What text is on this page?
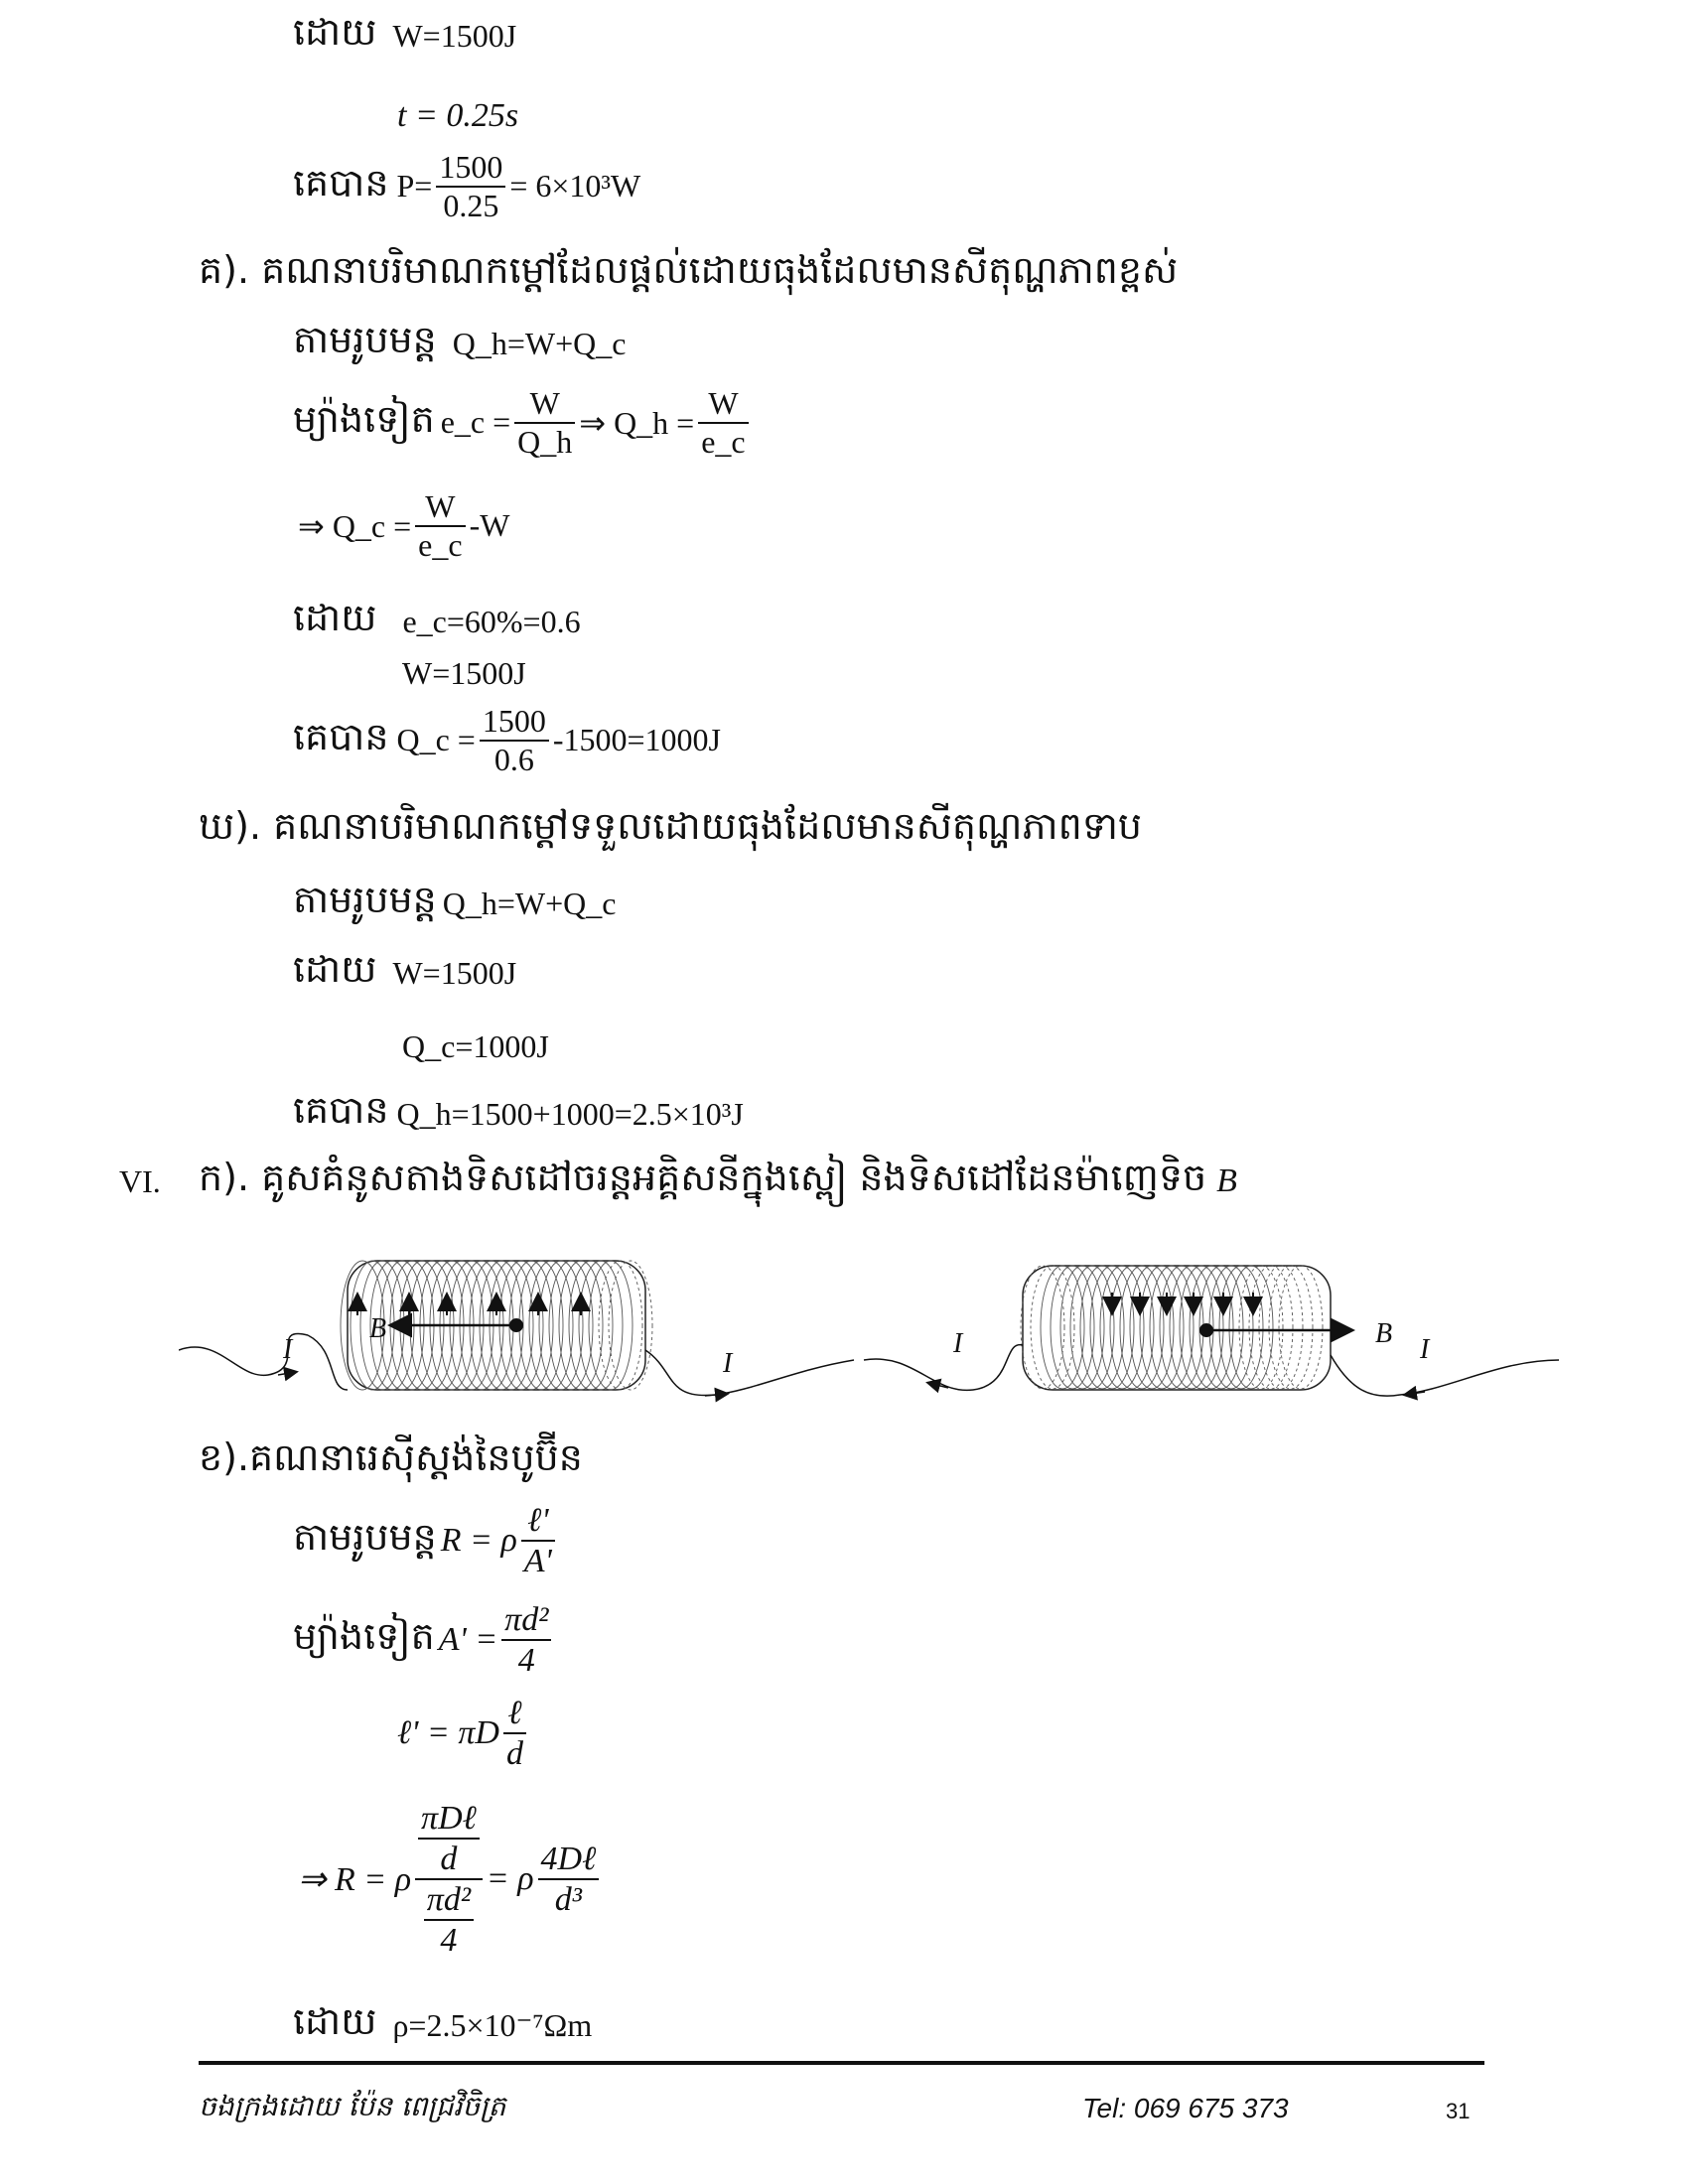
ដោយ W=1500J
t = 0.25s
គេបាន $P= \frac{1500}{0.25} = 6\times 10^3W$
គ). គណនាបរិមាណកម្ដៅដែលផ្ដល់ដោយធុងដែលមានសីតុណ្ហភាពខ្ពស់
តាមរូបមន្ត Q_h=W+Q_c
ម្យ៉ាងទៀត e_c = $\frac{W}{Q\_h}$ ⇒ Q_h = $\frac{W}{e\_c}$
⇒ Q_c = $\frac{W}{e\_c} -W$
ដោយ e_c=60%=0.6
W=1500J
គេបាន Q_c = $\frac{1500}{0.6} -1500=1000J$
ឃ). គណនាបរិមាណកម្ដៅទទួលដោយធុងដែលមានសីតុណ្ហភាពទាប
តាមរូបមន្ត Q_h=W+Q_c
ដោយ W=1500J
Q_c=1000J
គេបាន Q_h=1500+1000=2.5×10³J
VI. ក). គូសគំនូសតាងទិសដៅចរន្តអគ្គិសនីក្នុងស្ពៀ និងទិសដៅដែនម៉ាញេទិច B
B
I	I
B
I	I
ខ).គណនារេស៊ីស្តង់នៃបូប៊ីន
តាមរូបមន្ត R = ρ $\frac{\text{ℓ'}}{A'}$
ម្យ៉ាងទៀត $A' = \frac{\text{πd²}}{4}$
ℓ' = πD $\frac{\text{ℓ}}{d}$
⇒ R = ρ $\frac{\frac{\text{πDℓ}}{d}}{\frac{\text{πd²}}{4}} = \rho \frac{\text{4Dℓ}}{\text{d³}}$
ដោយ ρ=2.5×10⁻⁷Ωm
ចងក្រងដោយ ប៉ែន ពេជ្រវិចិត្រ	Tel: 069 675 373	31
